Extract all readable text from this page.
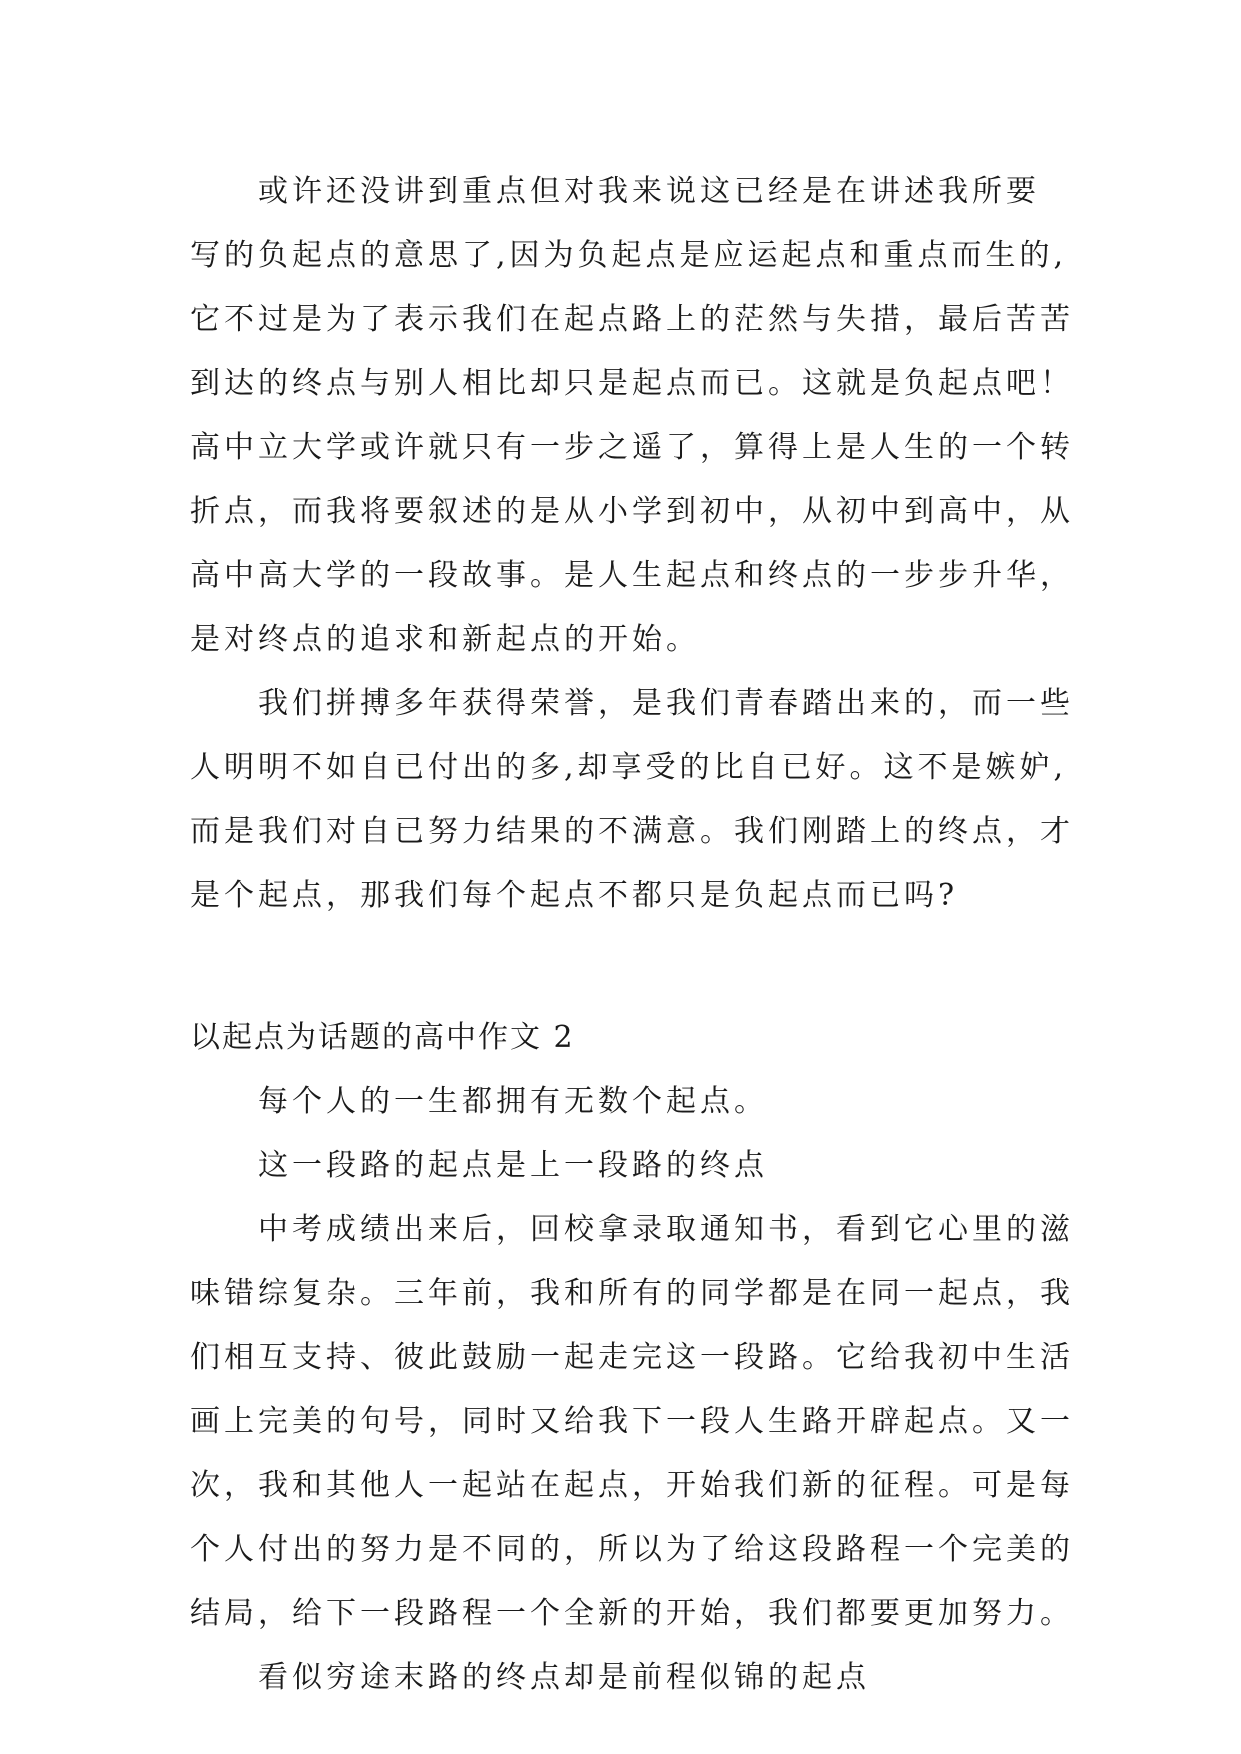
或许还没讲到重点但对我来说这已经是在讲述我所要
写的负起点的意思了,因为负起点是应运起点和重点而生的,
它不过是为了表示我们在起点路上的茫然与失措，最后苦苦
到达的终点与别人相比却只是起点而已。这就是负起点吧！
高中立大学或许就只有一步之遥了，算得上是人生的一个转
折点，而我将要叙述的是从小学到初中，从初中到高中，从
高中高大学的一段故事。是人生起点和终点的一步步升华，
是对终点的追求和新起点的开始。
我们拼搏多年获得荣誉，是我们青春踏出来的，而一些
人明明不如自已付出的多,却享受的比自已好。这不是嫉妒,
而是我们对自已努力结果的不满意。我们刚踏上的终点，才
是个起点，那我们每个起点不都只是负起点而已吗?
以起点为话题的高中作文 2
每个人的一生都拥有无数个起点。
这一段路的起点是上一段路的终点
中考成绩出来后，回校拿录取通知书，看到它心里的滋
味错综复杂。三年前，我和所有的同学都是在同一起点，我
们相互支持、彼此鼓励一起走完这一段路。它给我初中生活
画上完美的句号，同时又给我下一段人生路开辟起点。又一
次，我和其他人一起站在起点，开始我们新的征程。可是每
个人付出的努力是不同的，所以为了给这段路程一个完美的
结局，给下一段路程一个全新的开始，我们都要更加努力。
看似穷途末路的终点却是前程似锦的起点
